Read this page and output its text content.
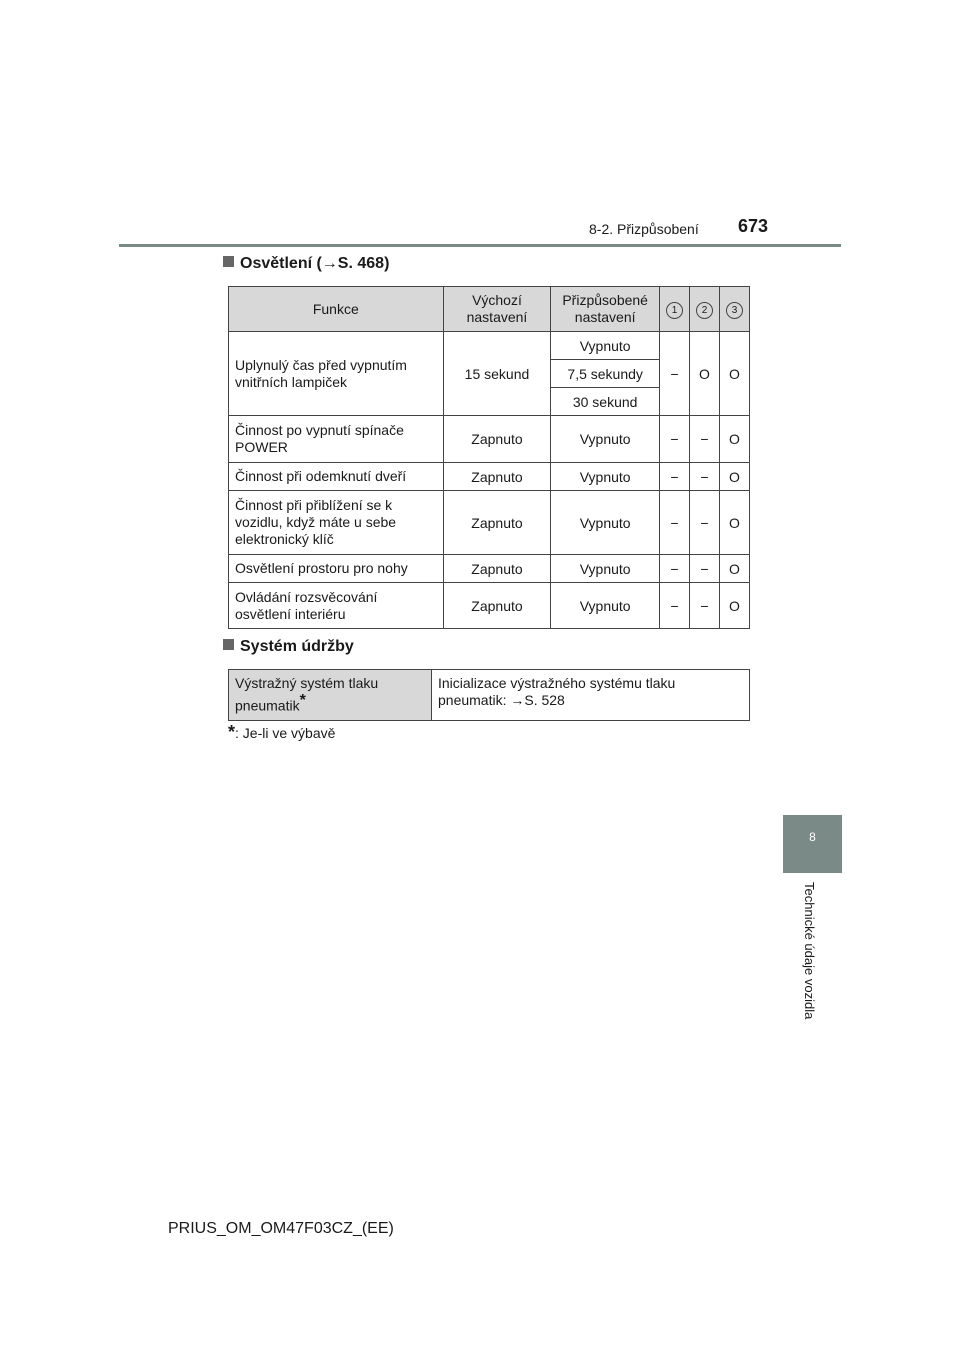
8-2. Přizpůsobení 673
Osvětlení (→S. 468)
Funkce	Výchozí nastavení	Přizpůsobené nastavení	1	2	3
Uplynulý čas před vypnutím vnitřních lampiček	15 sekund	Vypnuto	−	O	O
		7,5 sekundy			
		30 sekund			
Činnost po vypnutí spínače POWER	Zapnuto	Vypnuto	−	−	O
Činnost při odemknutí dveří	Zapnuto	Vypnuto	−	−	O
Činnost při přiblížení se k vozidlu, když máte u sebe elektronický klíč	Zapnuto	Vypnuto	−	−	O
Osvětlení prostoru pro nohy	Zapnuto	Vypnuto	−	−	O
Ovládání rozsvěcování osvětlení interiéru	Zapnuto	Vypnuto	−	−	O
Systém údržby
Výstražný systém tlaku pneumatik*	Inicializace výstražného systému tlaku pneumatik: →S. 528
*: Je-li ve výbavě
8
Technické údaje vozidla
PRIUS_OM_OM47F03CZ_(EE)
